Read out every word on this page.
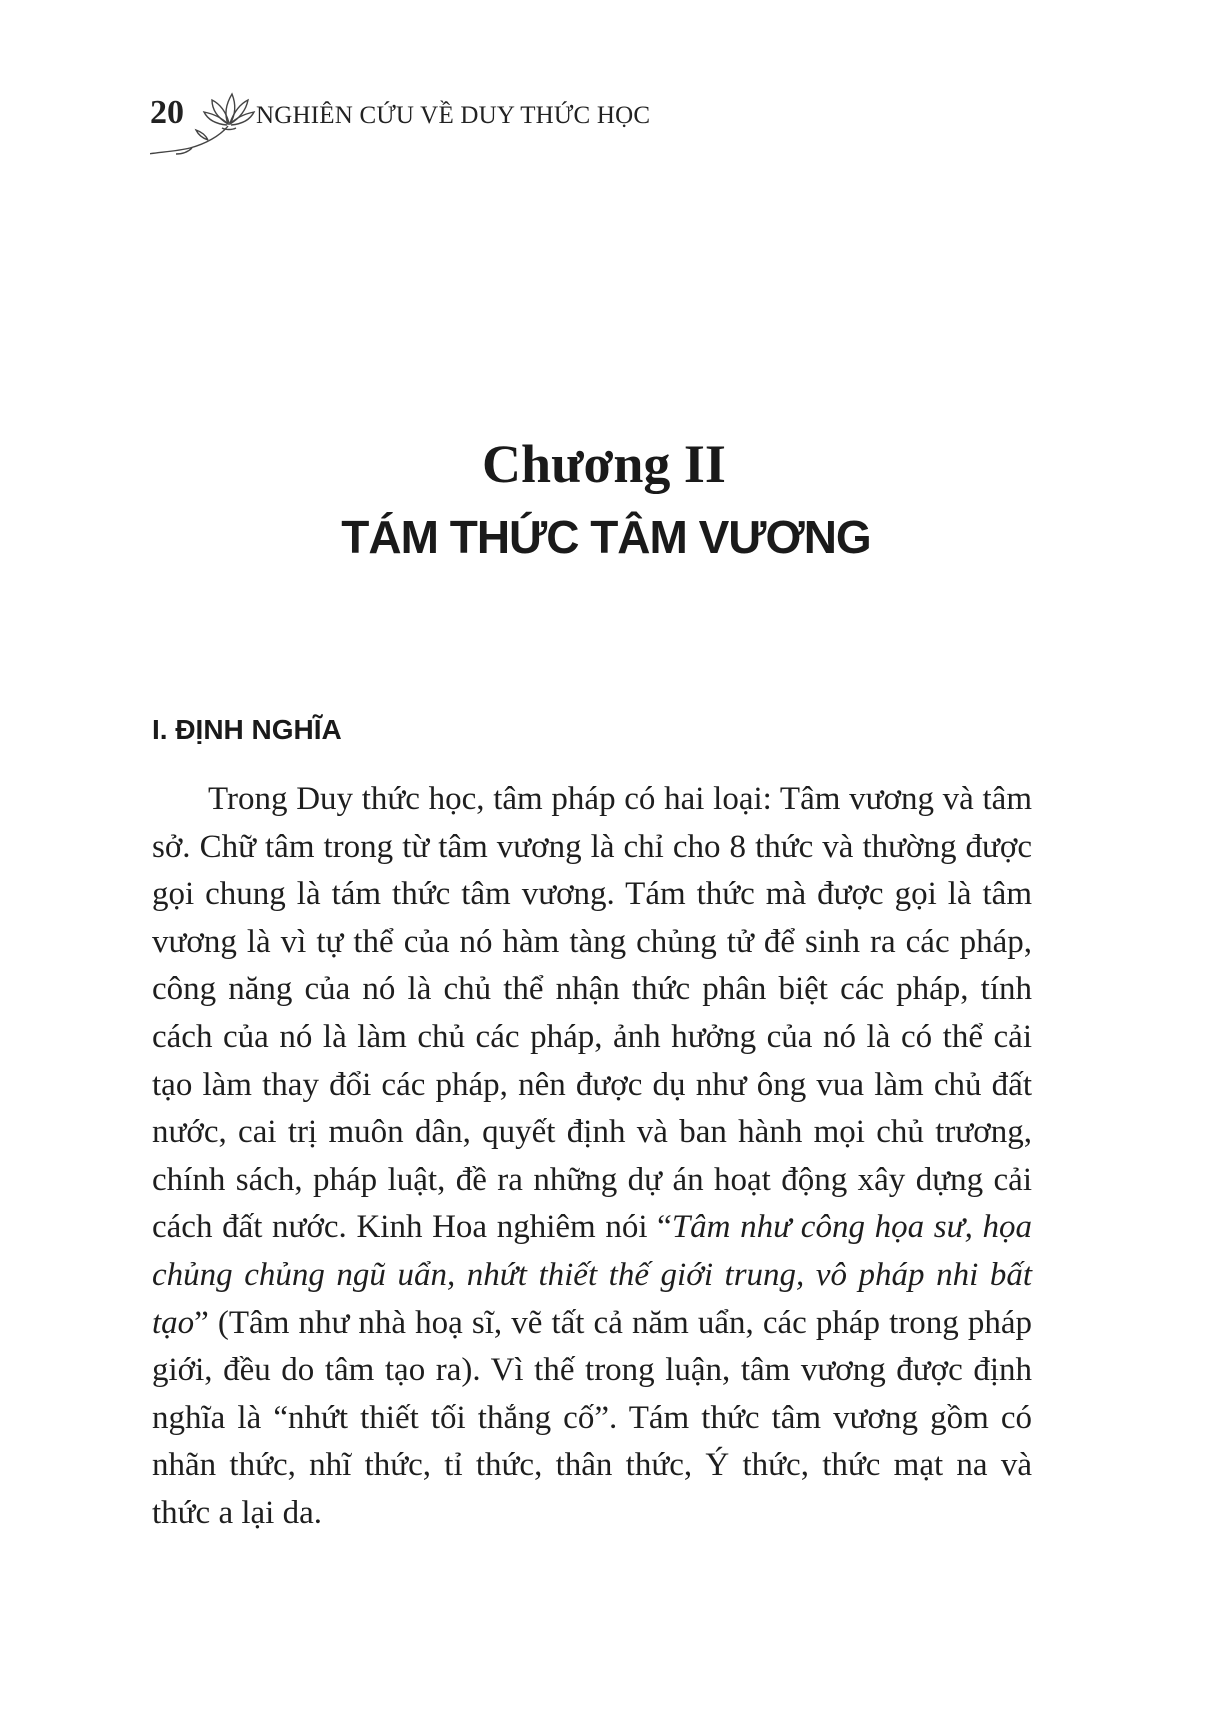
20	NGHIÊN CỨU VỀ DUY THỨC HỌC
Chương II
TÁM THỨC TÂM VƯƠNG
I. ĐỊNH NGHĨA

Trong Duy thức học, tâm pháp có hai loại: Tâm vương và tâm sở. Chữ tâm trong từ tâm vương là chỉ cho 8 thức và thường được gọi chung là tám thức tâm vương. Tám thức mà được gọi là tâm vương là vì tự thể của nó hàm tàng chủng tử để sinh ra các pháp, công năng của nó là chủ thể nhận thức phân biệt các pháp, tính cách của nó là làm chủ các pháp, ảnh hưởng của nó là có thể cải tạo làm thay đổi các pháp, nên được dụ như ông vua làm chủ đất nước, cai trị muôn dân, quyết định và ban hành mọi chủ trương, chính sách, pháp luật, đề ra những dự án hoạt động xây dựng cải cách đất nước. Kinh Hoa nghiêm nói “Tâm như công họa sư, họa chủng chủng ngũ uẩn, nhứt thiết thế giới trung, vô pháp nhi bất tạo” (Tâm như nhà hoạ sĩ, vẽ tất cả năm uẩn, các pháp trong pháp giới, đều do tâm tạo ra). Vì thế trong luận, tâm vương được định nghĩa là “nhứt thiết tối thắng cố”. Tám thức tâm vương gồm có nhãn thức, nhĩ thức, tỉ thức, thân thức, Ý thức, thức mạt na và thức a lại da.
